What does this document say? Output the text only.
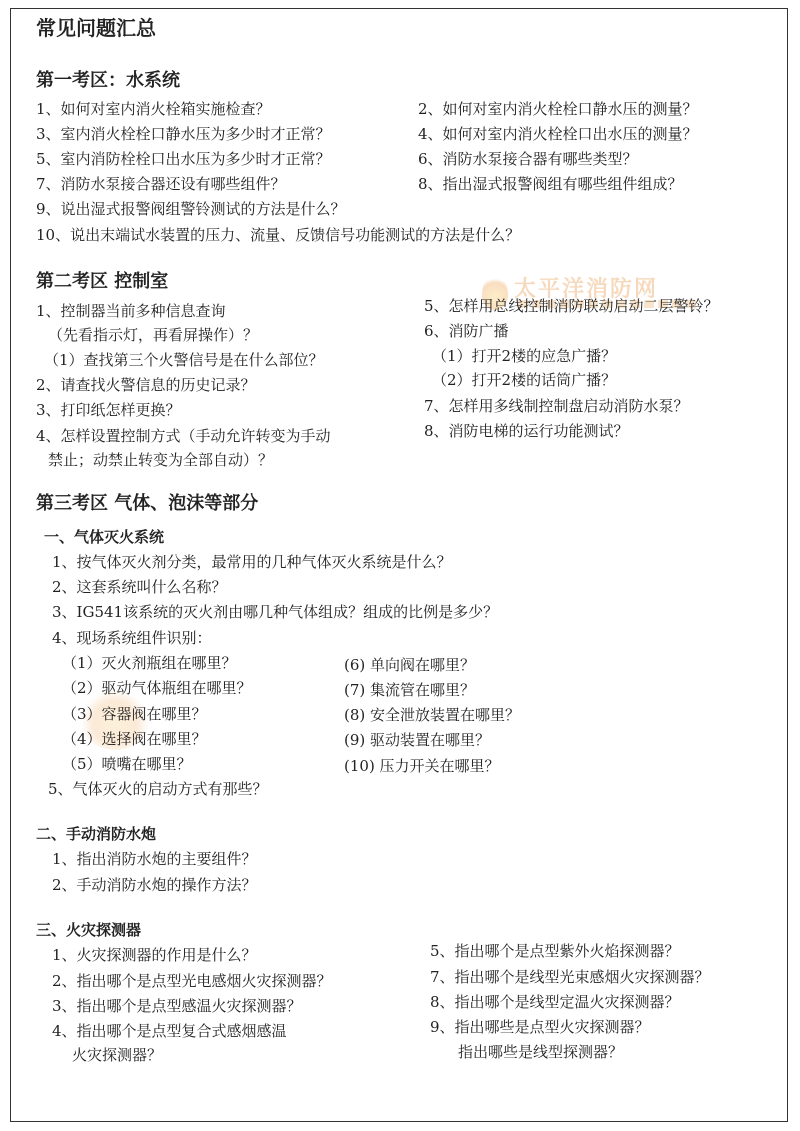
太平洋消防网
常见问题汇总
第一考区：水系统
1、如何对室内消火栓箱实施检查？
3、室内消火栓栓口静水压为多少时才正常？
5、室内消防栓栓口出水压为多少时才正常？
7、消防水泵接合器还设有哪些组件？
9、说出湿式报警阀组警铃测试的方法是什么？
10、说出末端试水装置的压力、流量、反馈信号功能测试的方法是什么？
2、如何对室内消火栓栓口静水压的测量？
4、如何对室内消火栓栓口出水压的测量？
6、消防水泵接合器有哪些类型？
8、指出湿式报警阀组有哪些组件组成？
第二考区 控制室
1、控制器当前多种信息查询
（先看指示灯，再看屏操作）？
（1）查找第三个火警信号是在什么部位？
2、请查找火警信息的历史记录？
3、打印纸怎样更换？
4、怎样设置控制方式（手动允许转变为手动
禁止；动禁止转变为全部自动）？
5、怎样用总线控制消防联动启动二层警铃？
6、消防广播
（1）打开2楼的应急广播？
（2）打开2楼的话筒广播？
7、怎样用多线制控制盘启动消防水泵？
8、消防电梯的运行功能测试？
第三考区 气体、泡沫等部分
一、气体灭火系统
1、按气体灭火剂分类，最常用的几种气体灭火系统是什么？
2、这套系统叫什么名称？
3、IG541该系统的灭火剂由哪几种气体组成？组成的比例是多少？
4、现场系统组件识别：
（1）灭火剂瓶组在哪里？
（2）驱动气体瓶组在哪里？
（3）容器阀在哪里？
（4）选择阀在哪里？
（5）喷嘴在哪里？
(6) 单向阀在哪里？
(7) 集流管在哪里？
(8) 安全泄放装置在哪里？
(9) 驱动装置在哪里？
(10) 压力开关在哪里？
5、气体灭火的启动方式有那些？
二、手动消防水炮
1、指出消防水炮的主要组件？
2、手动消防水炮的操作方法？
三、火灾探测器
1、火灾探测器的作用是什么？
2、指出哪个是点型光电感烟火灾探测器？
3、指出哪个是点型感温火灾探测器？
4、指出哪个是点型复合式感烟感温
火灾探测器？
5、指出哪个是点型紫外火焰探测器？
7、指出哪个是线型光束感烟火灾探测器？
8、指出哪个是线型定温火灾探测器？
9、指出哪些是点型火灾探测器？
指出哪些是线型探测器？
